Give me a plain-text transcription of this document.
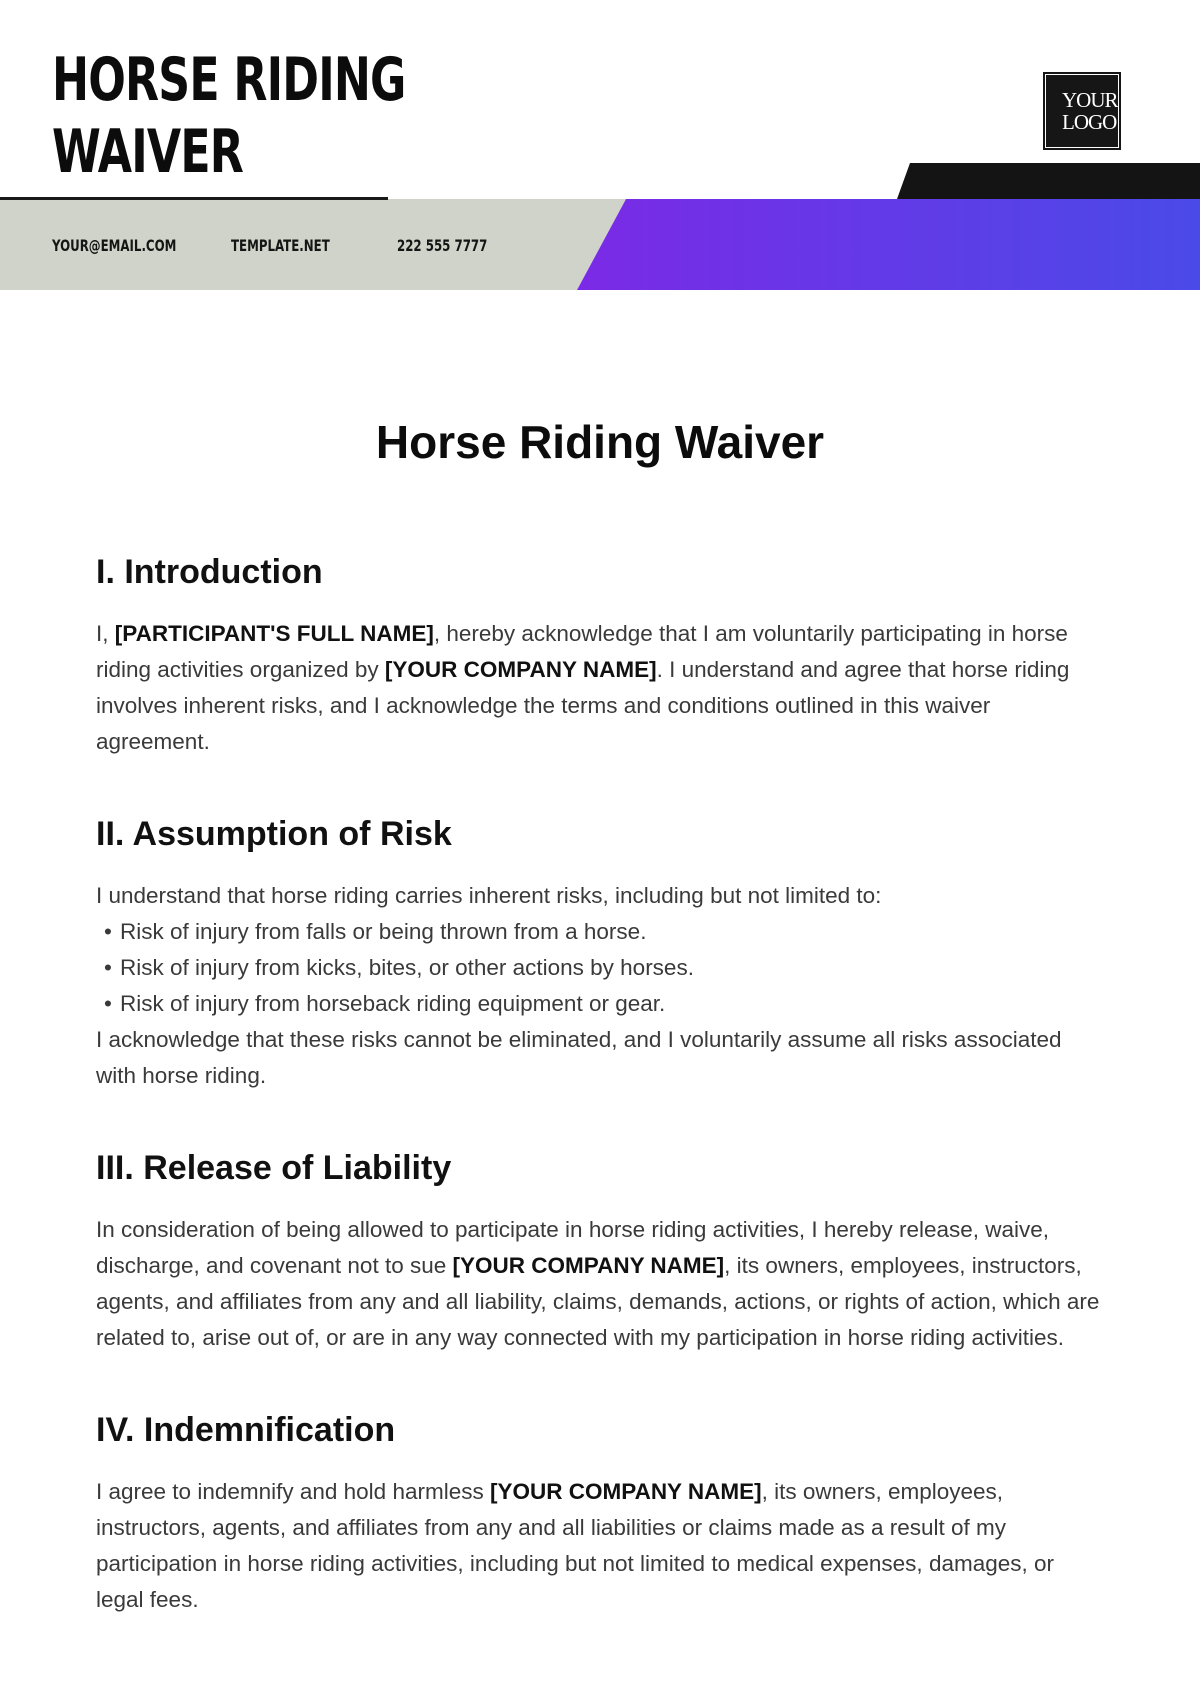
HORSE RIDING
WAIVER
YOUR
LOGO
YOUR@EMAIL.COM	TEMPLATE.NET	222 555 7777
Horse Riding Waiver
I. Introduction

I, [PARTICIPANT'S FULL NAME], hereby acknowledge that I am voluntarily participating in horse riding activities organized by [YOUR COMPANY NAME]. I understand and agree that horse riding involves inherent risks, and I acknowledge the terms and conditions outlined in this waiver agreement.

II. Assumption of Risk

I understand that horse riding carries inherent risks, including but not limited to:

• Risk of injury from falls or being thrown from a horse.
• Risk of injury from kicks, bites, or other actions by horses.
• Risk of injury from horseback riding equipment or gear.

I acknowledge that these risks cannot be eliminated, and I voluntarily assume all risks associated with horse riding.

III. Release of Liability

In consideration of being allowed to participate in horse riding activities, I hereby release, waive, discharge, and covenant not to sue [YOUR COMPANY NAME], its owners, employees, instructors, agents, and affiliates from any and all liability, claims, demands, actions, or rights of action, which are related to, arise out of, or are in any way connected with my participation in horse riding activities.

IV. Indemnification

I agree to indemnify and hold harmless [YOUR COMPANY NAME], its owners, employees, instructors, agents, and affiliates from any and all liabilities or claims made as a result of my participation in horse riding activities, including but not limited to medical expenses, damages, or legal fees.
